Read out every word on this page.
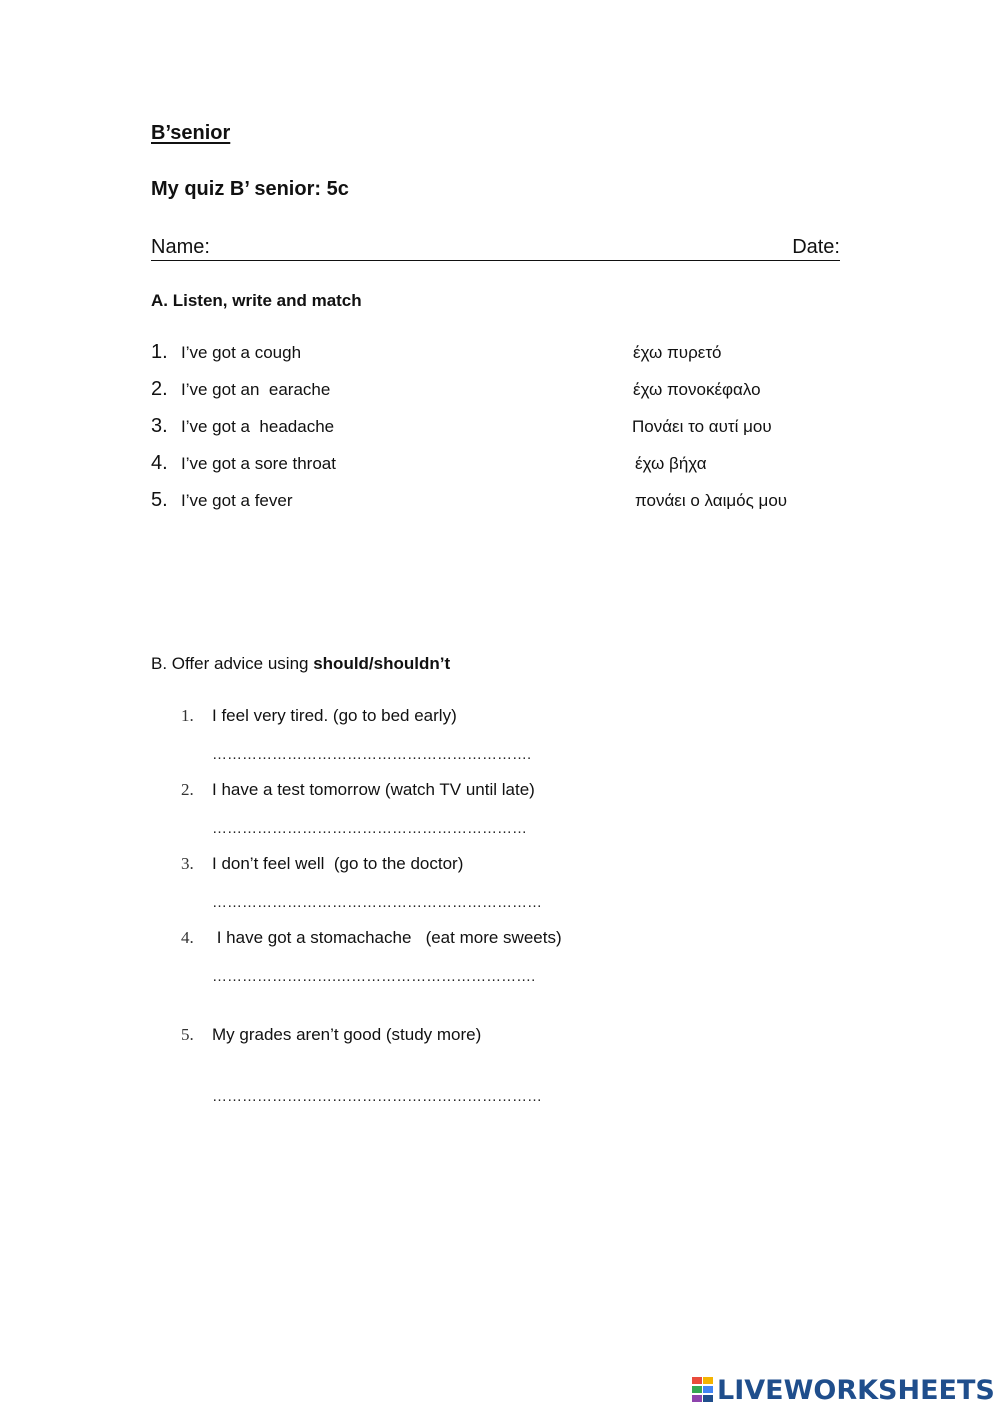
B’senior
My quiz B’ senior: 5c
Name:	Date:
A. Listen, write and match
1. I’ve got a cough	έχω πυρετό
2. I’ve got an  earache	έχω πονοκέφαλο
3. I’ve got a  headache	Πονάει το αυτί μου
4. I’ve got a sore throat	έχω βήχα
5. I’ve got a fever	πονάει ο λαιμός μου
B. Offer advice using should/shouldn’t
1. I feel very tired. (go to bed early)
……………………………………………………….
2. I have a test tomorrow (watch TV until late)
………………………………………………………
3. I don’t feel well  (go to the doctor)
…………………………………………………………
4. I have got a stomachache   (eat more sweets)
…………………….………………………………….
5. My grades aren’t good (study more)
…………………………………………………………
LIVEWORKSHEETS
